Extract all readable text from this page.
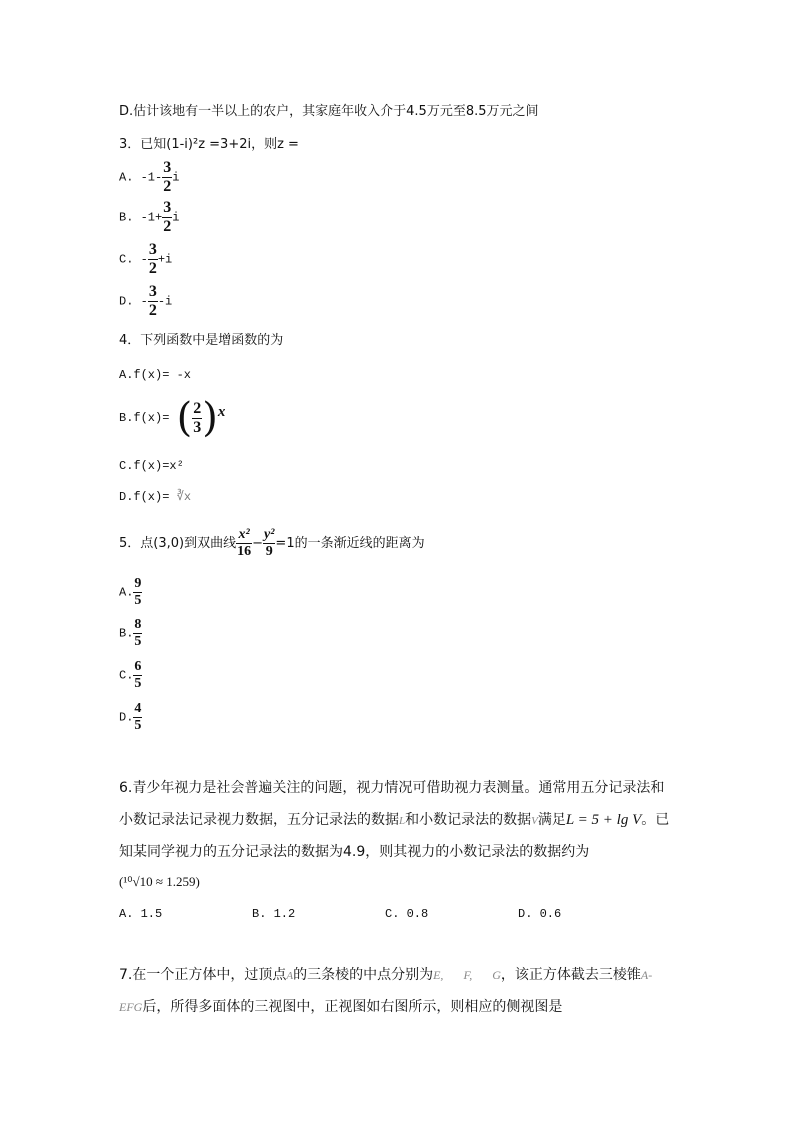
D.估计该地有一半以上的农户，其家庭年收入介于4.5万元至8.5万元之间
3．已知(1-i)²z =3+2i，则z =
A. $-1- \frac{3}{2}$ i
B. $-1+ \frac{3}{2}$ i
C. - $\frac{3}{2} +i$
D. - $\frac{3}{2} -i$
4．下列函数中是增函数的为
A.f(x)= -x
B.f(x)= ( $\frac{2}{3} )x$
C.f(x)=x²
D.f(x)= ∛x
5．点(3,0)到双曲线 $\frac{\text{x²}}{16} - \frac{\text{y²}}{9} =1$的一条渐近线的距离为
A. $\frac{9}{5}$
B. $\frac{8}{5}$
C. $\frac{6}{5}$
D. $\frac{4}{5}$
6.青少年视力是社会普遍关注的问题，视力情况可借助视力表测量。通常用五分记录法和
小数记录法记录视力数据，五分记录法的数据L和小数记录法的数据V满足L = 5 + lg V。已
知某同学视力的五分记录法的数据为4.9，则其视力的小数记录法的数据约为
(¹⁰√10 ≈ 1.259)
A. 1.5	B. 1.2	C. 0.8	D. 0.6
7.在一个正方体中，过顶点A的三条棱的中点分别为E, F, G，该正方体截去三棱锥A-
EFG后，所得多面体的三视图中，正视图如右图所示，则相应的侧视图是
